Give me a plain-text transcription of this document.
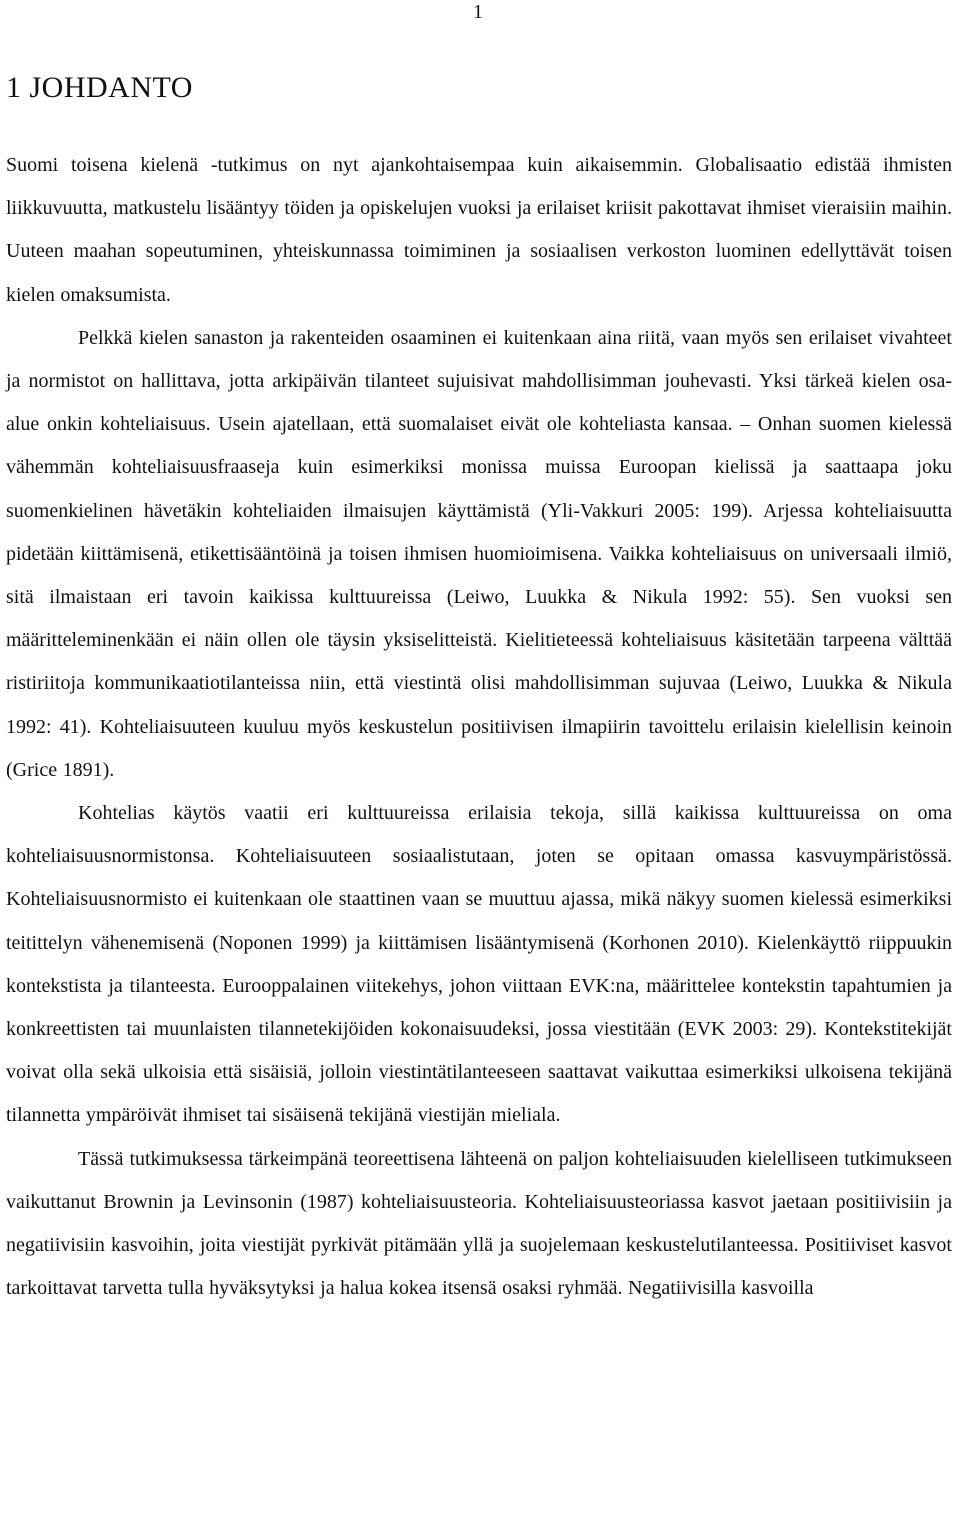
1
1 JOHDANTO

Suomi toisena kielenä -tutkimus on nyt ajankohtaisempaa kuin aikaisemmin. Globalisaatio edistää ihmisten liikkuvuutta, matkustelu lisääntyy töiden ja opiskelujen vuoksi ja erilaiset kriisit pakottavat ihmiset vieraisiin maihin. Uuteen maahan sopeutuminen, yhteiskunnassa toimiminen ja sosiaalisen verkoston luominen edellyttävät toisen kielen omaksumista.

Pelkkä kielen sanaston ja rakenteiden osaaminen ei kuitenkaan aina riitä, vaan myös sen erilaiset vivahteet ja normistot on hallittava, jotta arkipäivän tilanteet sujuisivat mahdollisimman jouhevasti. Yksi tärkeä kielen osa-alue onkin kohteliaisuus. Usein ajatellaan, että suomalaiset eivät ole kohteliasta kansaa. – Onhan suomen kielessä vähemmän kohteliaisuusfraaseja kuin esimerkiksi monissa muissa Euroopan kielissä ja saattaapa joku suomenkielinen hävetäkin kohteliaiden ilmaisujen käyttämistä (Yli-Vakkuri 2005: 199). Arjessa kohteliaisuutta pidetään kiittämisenä, etikettisääntöinä ja toisen ihmisen huomioimisena. Vaikka kohteliaisuus on universaali ilmiö, sitä ilmaistaan eri tavoin kaikissa kulttuureissa (Leiwo, Luukka & Nikula 1992: 55). Sen vuoksi sen määritteleminenkään ei näin ollen ole täysin yksiselitteistä. Kielitieteessä kohteliaisuus käsitetään tarpeena välttää ristiriitoja kommunikaatiotilanteissa niin, että viestintä olisi mahdollisimman sujuvaa (Leiwo, Luukka & Nikula 1992: 41). Kohteliaisuuteen kuuluu myös keskustelun positiivisen ilmapiirin tavoittelu erilaisin kielellisin keinoin (Grice 1891).

Kohtelias käytös vaatii eri kulttuureissa erilaisia tekoja, sillä kaikissa kulttuureissa on oma kohteliaisuusnormistonsa. Kohteliaisuuteen sosiaalistutaan, joten se opitaan omassa kasvuympäristössä. Kohteliaisuusnormisto ei kuitenkaan ole staattinen vaan se muuttuu ajassa, mikä näkyy suomen kielessä esimerkiksi teitittelyn vähenemisenä (Noponen 1999) ja kiittämisen lisääntymisenä (Korhonen 2010). Kielenkäyttö riippuukin kontekstista ja tilanteesta. Eurooppalainen viitekehys, johon viittaan EVK:na, määrittelee kontekstin tapahtumien ja konkreettisten tai muunlaisten tilannetekijöiden kokonaisuudeksi, jossa viestitään (EVK 2003: 29). Kontekstitekijät voivat olla sekä ulkoisia että sisäisiä, jolloin viestintätilanteeseen saattavat vaikuttaa esimerkiksi ulkoisena tekijänä tilannetta ympäröivät ihmiset tai sisäisenä tekijänä viestijän mieliala.

Tässä tutkimuksessa tärkeimpänä teoreettisena lähteenä on paljon kohteliaisuuden kielelliseen tutkimukseen vaikuttanut Brownin ja Levinsonin (1987) kohteliaisuusteoria. Kohteliaisuusteoriassa kasvot jaetaan positiivisiin ja negatiivisiin kasvoihin, joita viestijät pyrkivät pitämään yllä ja suojelemaan keskustelutilanteessa. Positiiviset kasvot tarkoittavat tarvetta tulla hyväksytyksi ja halua kokea itsensä osaksi ryhmää. Negatiivisilla kasvoilla
